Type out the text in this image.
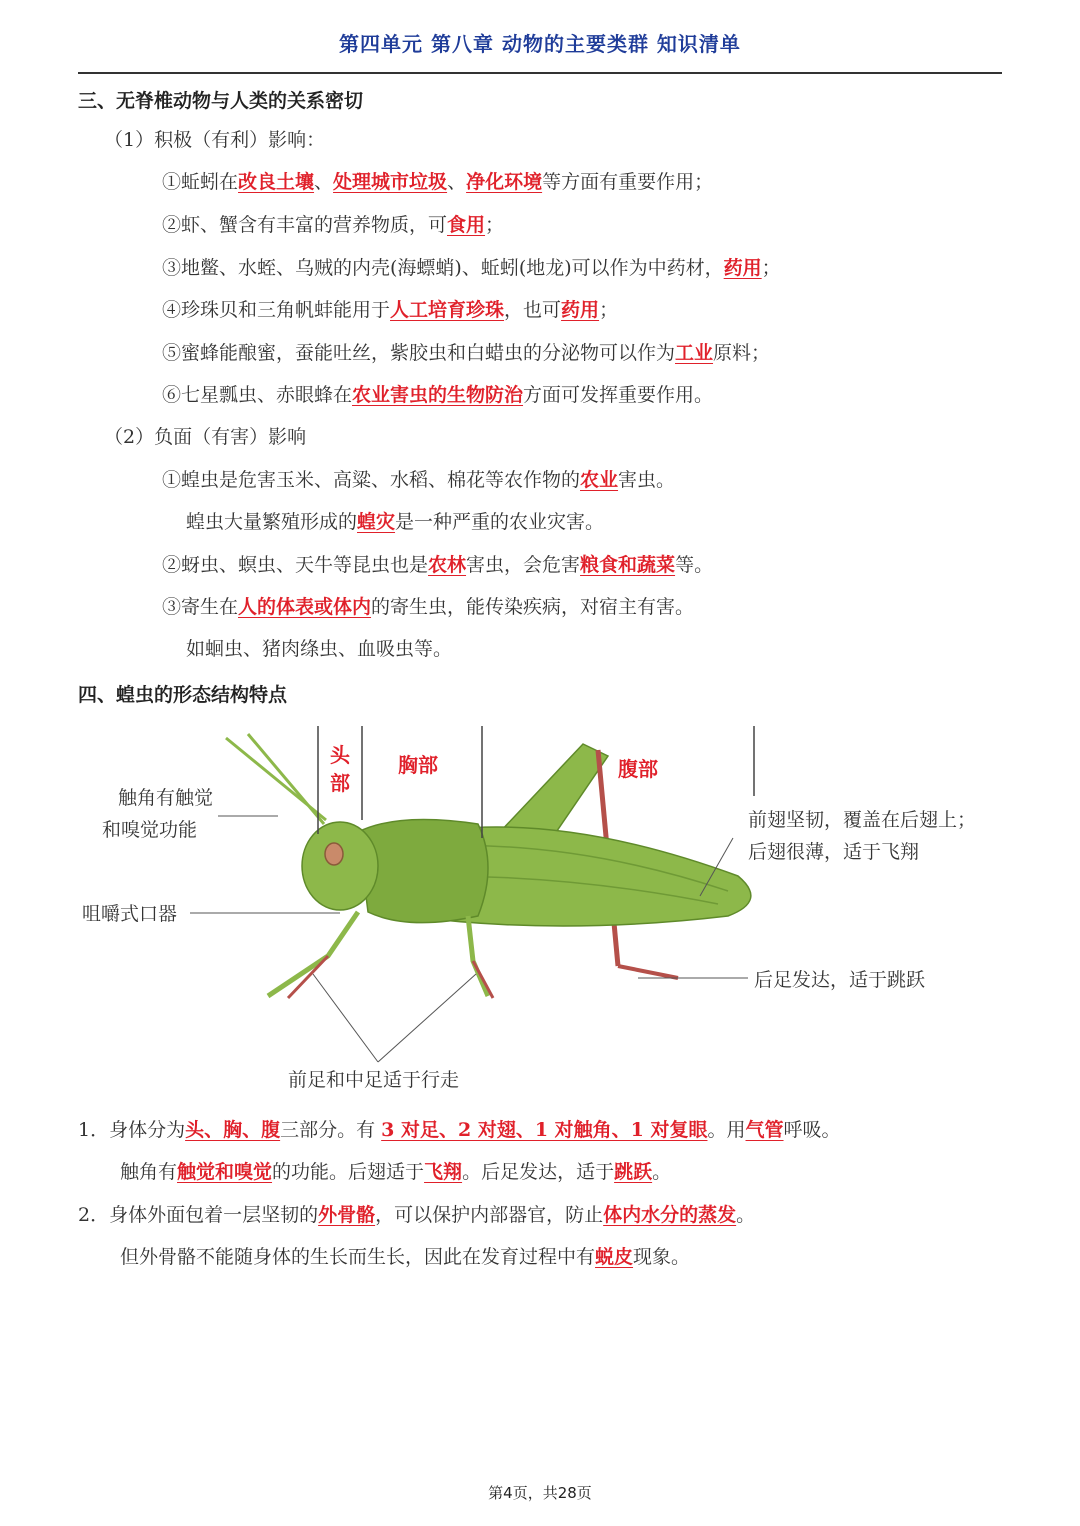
第四单元 第八章 动物的主要类群 知识清单
三、无脊椎动物与人类的关系密切
（1）积极（有利）影响：
①蚯蚓在改良土壤、处理城市垃圾、净化环境等方面有重要作用；
②虾、蟹含有丰富的营养物质，可食用；
③地鳖、水蛭、乌贼的内壳(海螵蛸)、蚯蚓(地龙)可以作为中药材，药用；
④珍珠贝和三角帆蚌能用于人工培育珍珠，也可药用；
⑤蜜蜂能酿蜜，蚕能吐丝，紫胶虫和白蜡虫的分泌物可以作为工业原料；
⑥七星瓢虫、赤眼蜂在农业害虫的生物防治方面可发挥重要作用。
（2）负面（有害）影响
①蝗虫是危害玉米、高粱、水稻、棉花等农作物的农业害虫。
蝗虫大量繁殖形成的蝗灾是一种严重的农业灾害。
②蚜虫、螟虫、天牛等昆虫也是农林害虫，会危害粮食和蔬菜等。
③寄生在人的体表或体内的寄生虫，能传染疾病，对宿主有害。
如蛔虫、猪肉绦虫、血吸虫等。
四、蝗虫的形态结构特点
头
部
胸部	腹部
触角有触觉
和嗅觉功能
咀嚼式口器
前翅坚韧，覆盖在后翅上；
后翅很薄，适于飞翔
后足发达，适于跳跃
前足和中足适于行走
1．身体分为头、胸、腹三部分。有 3 对足、2 对翅、1 对触角、1 对复眼。用气管呼吸。
触角有触觉和嗅觉的功能。后翅适于飞翔。后足发达，适于跳跃。
2．身体外面包着一层坚韧的外骨骼，可以保护内部器官，防止体内水分的蒸发。
但外骨骼不能随身体的生长而生长，因此在发育过程中有蜕皮现象。
第4页，共28页
